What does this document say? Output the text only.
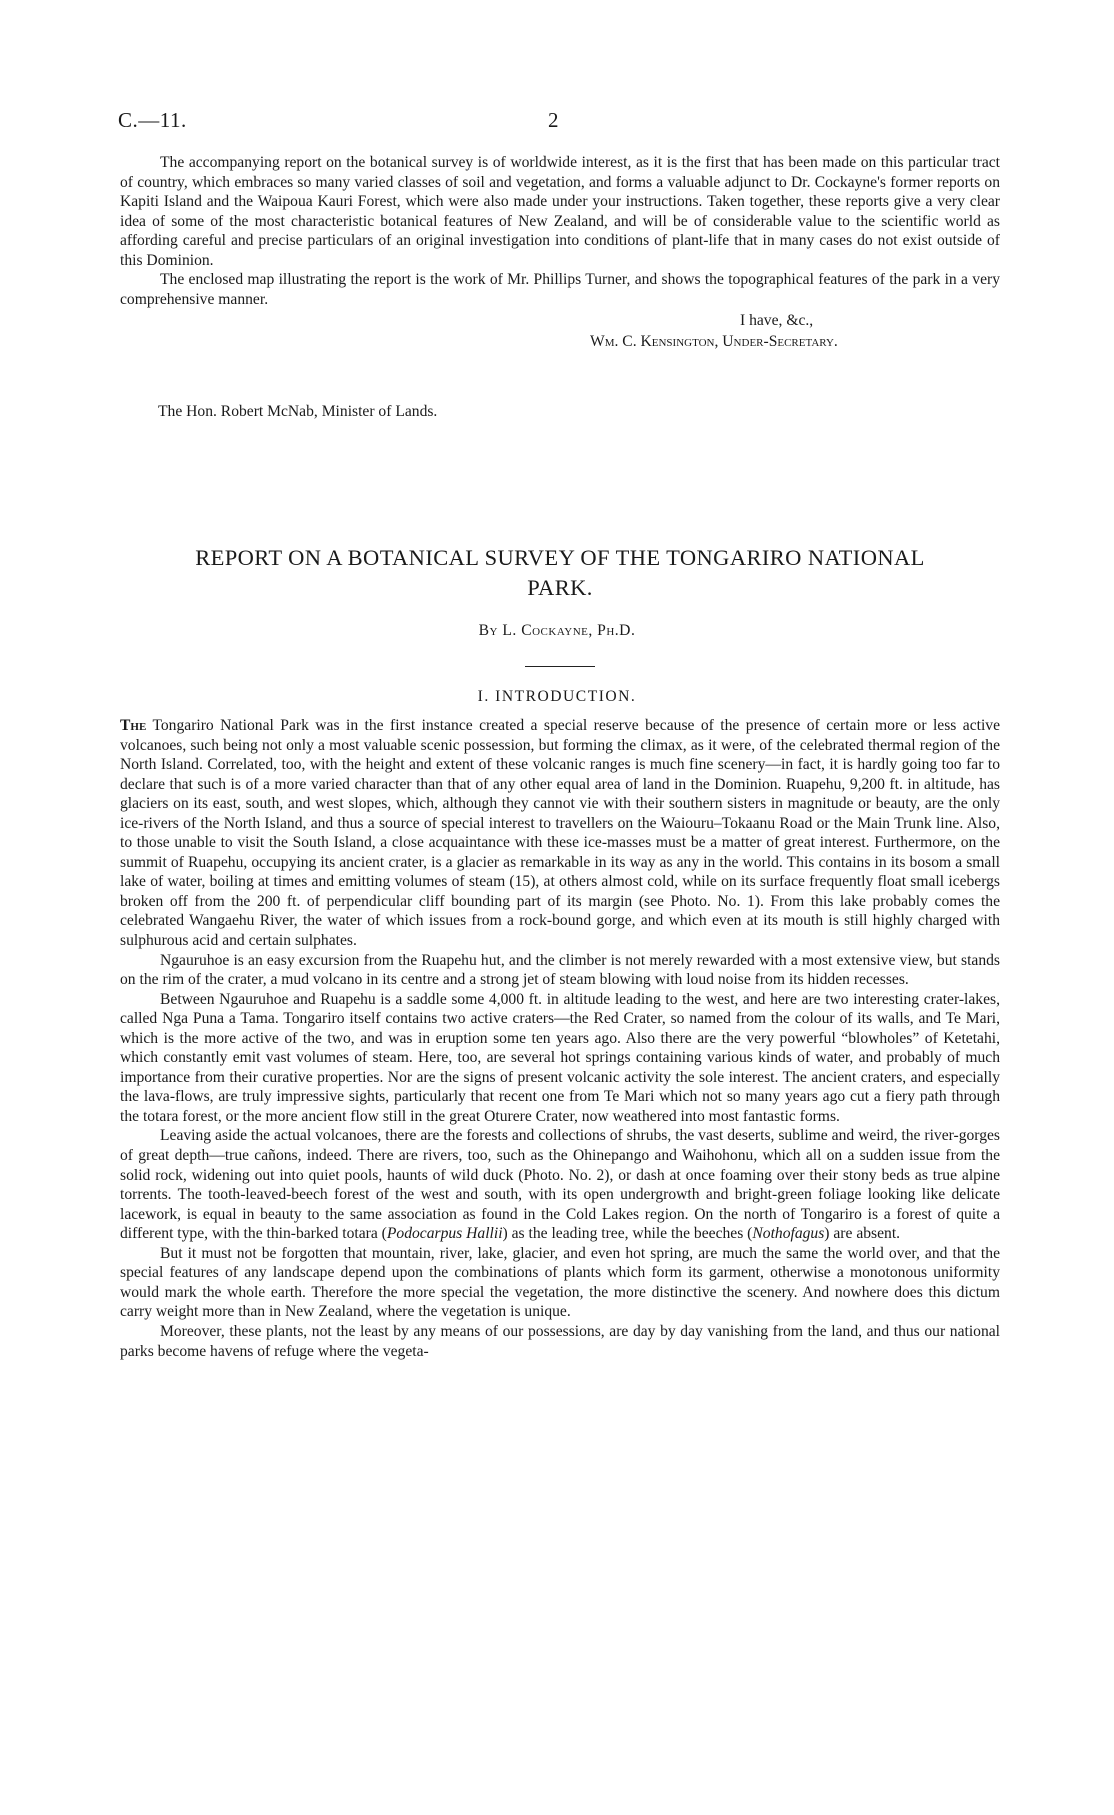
C.—11.	2

The accompanying report on the botanical survey is of worldwide interest, as it is the first that has been made on this particular tract of country, which embraces so many varied classes of soil and vegetation, and forms a valuable adjunct to Dr. Cockayne's former reports on Kapiti Island and the Waipoua Kauri Forest, which were also made under your instructions. Taken together, these reports give a very clear idea of some of the most characteristic botanical features of New Zealand, and will be of considerable value to the scientific world as affording careful and precise particulars of an original investigation into conditions of plant-life that in many cases do not exist outside of this Dominion.

The enclosed map illustrating the report is the work of Mr. Phillips Turner, and shows the topographical features of the park in a very comprehensive manner.

I have, &c.,
Wm. C. Kensington, Under-Secretary.
The Hon. Robert McNab, Minister of Lands.
REPORT ON A BOTANICAL SURVEY OF THE TONGARIRO NATIONAL
PARK.
By L. Cockayne, Ph.D.
I. INTRODUCTION.

The Tongariro National Park was in the first instance created a special reserve because of the presence of certain more or less active volcanoes, such being not only a most valuable scenic possession, but forming the climax, as it were, of the celebrated thermal region of the North Island. Correlated, too, with the height and extent of these volcanic ranges is much fine scenery—in fact, it is hardly going too far to declare that such is of a more varied character than that of any other equal area of land in the Dominion. Ruapehu, 9,200 ft. in altitude, has glaciers on its east, south, and west slopes, which, although they cannot vie with their southern sisters in magnitude or beauty, are the only ice-rivers of the North Island, and thus a source of special interest to travellers on the Waiouru–Tokaanu Road or the Main Trunk line. Also, to those unable to visit the South Island, a close acquaintance with these ice-masses must be a matter of great interest. Furthermore, on the summit of Ruapehu, occupying its ancient crater, is a glacier as remarkable in its way as any in the world. This contains in its bosom a small lake of water, boiling at times and emitting volumes of steam (15), at others almost cold, while on its surface frequently float small icebergs broken off from the 200 ft. of perpendicular cliff bounding part of its margin (see Photo. No. 1). From this lake probably comes the celebrated Wangaehu River, the water of which issues from a rock-bound gorge, and which even at its mouth is still highly charged with sulphurous acid and certain sulphates.

Ngauruhoe is an easy excursion from the Ruapehu hut, and the climber is not merely rewarded with a most extensive view, but stands on the rim of the crater, a mud volcano in its centre and a strong jet of steam blowing with loud noise from its hidden recesses.

Between Ngauruhoe and Ruapehu is a saddle some 4,000 ft. in altitude leading to the west, and here are two interesting crater-lakes, called Nga Puna a Tama. Tongariro itself contains two active craters—the Red Crater, so named from the colour of its walls, and Te Mari, which is the more active of the two, and was in eruption some ten years ago. Also there are the very powerful “blowholes” of Ketetahi, which constantly emit vast volumes of steam. Here, too, are several hot springs containing various kinds of water, and probably of much importance from their curative properties. Nor are the signs of present volcanic activity the sole interest. The ancient craters, and especially the lava-flows, are truly impressive sights, particularly that recent one from Te Mari which not so many years ago cut a fiery path through the totara forest, or the more ancient flow still in the great Oturere Crater, now weathered into most fantastic forms.

Leaving aside the actual volcanoes, there are the forests and collections of shrubs, the vast deserts, sublime and weird, the river-gorges of great depth—true cañons, indeed. There are rivers, too, such as the Ohinepango and Waihohonu, which all on a sudden issue from the solid rock, widening out into quiet pools, haunts of wild duck (Photo. No. 2), or dash at once foaming over their stony beds as true alpine torrents. The tooth-leaved-beech forest of the west and south, with its open undergrowth and bright-green foliage looking like delicate lacework, is equal in beauty to the same association as found in the Cold Lakes region. On the north of Tongariro is a forest of quite a different type, with the thin-barked totara (Podocarpus Hallii) as the leading tree, while the beeches (Nothofagus) are absent.

But it must not be forgotten that mountain, river, lake, glacier, and even hot spring, are much the same the world over, and that the special features of any landscape depend upon the combinations of plants which form its garment, otherwise a monotonous uniformity would mark the whole earth. Therefore the more special the vegetation, the more distinctive the scenery. And nowhere does this dictum carry weight more than in New Zealand, where the vegetation is unique.

Moreover, these plants, not the least by any means of our possessions, are day by day vanishing from the land, and thus our national parks become havens of refuge where the vegeta-
